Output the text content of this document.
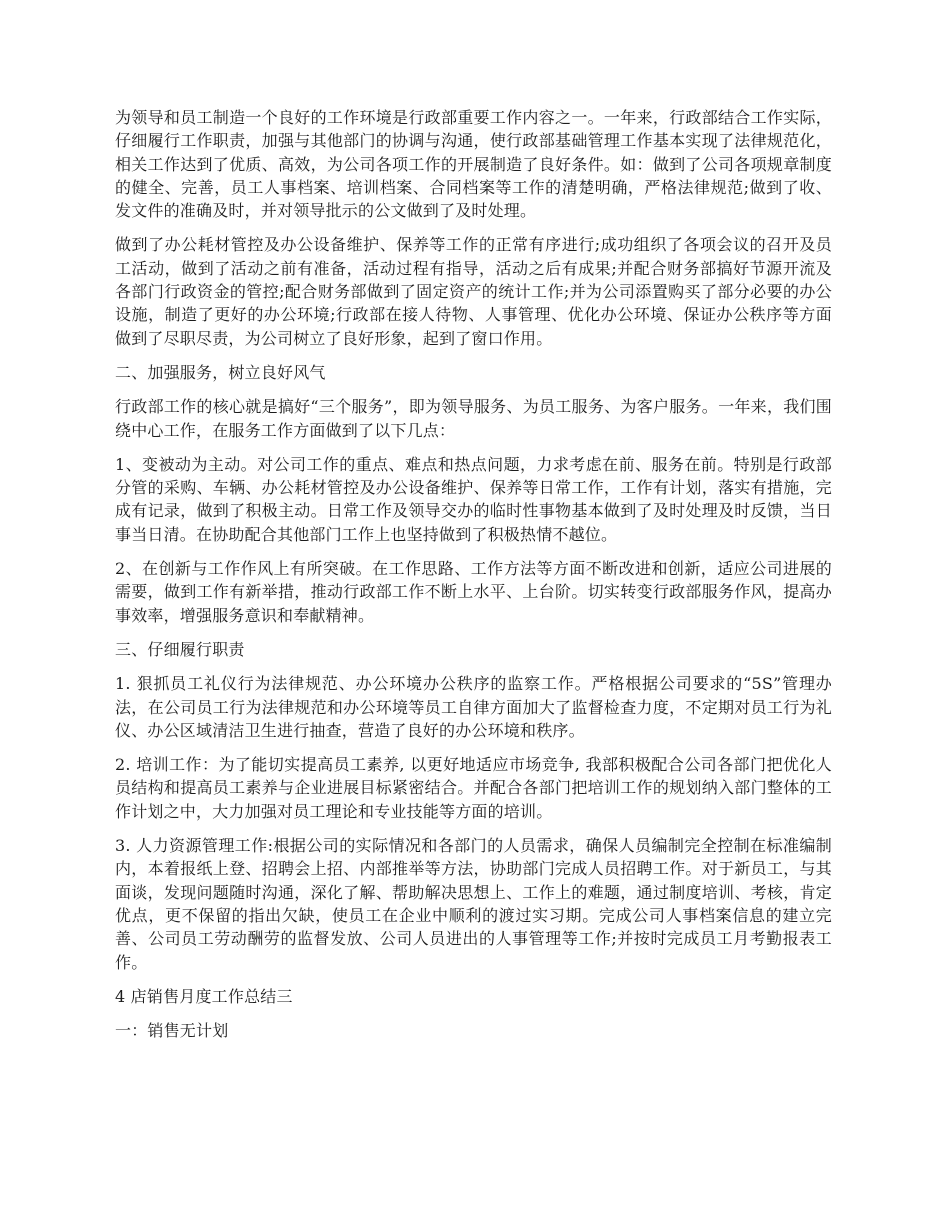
为领导和员工制造一个良好的工作环境是行政部重要工作内容之一。一年来，行政部结合工作实际，仔细履行工作职责，加强与其他部门的协调与沟通，使行政部基础管理工作基本实现了法律规范化，相关工作达到了优质、高效，为公司各项工作的开展制造了良好条件。如：做到了公司各项规章制度的健全、完善，员工人事档案、培训档案、合同档案等工作的清楚明确，严格法律规范;做到了收、发文件的准确及时，并对领导批示的公文做到了及时处理。

做到了办公耗材管控及办公设备维护、保养等工作的正常有序进行;成功组织了各项会议的召开及员工活动，做到了活动之前有准备，活动过程有指导，活动之后有成果;并配合财务部搞好节源开流及各部门行政资金的管控;配合财务部做到了固定资产的统计工作;并为公司添置购买了部分必要的办公设施，制造了更好的办公环境;行政部在接人待物、人事管理、优化办公环境、保证办公秩序等方面做到了尽职尽责，为公司树立了良好形象，起到了窗口作用。

二、加强服务，树立良好风气

行政部工作的核心就是搞好“三个服务”，即为领导服务、为员工服务、为客户服务。一年来，我们围绕中心工作，在服务工作方面做到了以下几点：

1、变被动为主动。对公司工作的重点、难点和热点问题，力求考虑在前、服务在前。特别是行政部分管的采购、车辆、办公耗材管控及办公设备维护、保养等日常工作，工作有计划，落实有措施，完成有记录，做到了积极主动。日常工作及领导交办的临时性事物基本做到了及时处理及时反馈，当日事当日清。在协助配合其他部门工作上也坚持做到了积极热情不越位。

2、在创新与工作作风上有所突破。在工作思路、工作方法等方面不断改进和创新，适应公司进展的需要，做到工作有新举措，推动行政部工作不断上水平、上台阶。切实转变行政部服务作风，提高办事效率，增强服务意识和奉献精神。

三、仔细履行职责

1. 狠抓员工礼仪行为法律规范、办公环境办公秩序的监察工作。严格根据公司要求的“5S”管理办法，在公司员工行为法律规范和办公环境等员工自律方面加大了监督检查力度，不定期对员工行为礼仪、办公区域清洁卫生进行抽查，营造了良好的办公环境和秩序。

2. 培训工作：为了能切实提高员工素养, 以更好地适应市场竞争, 我部积极配合公司各部门把优化人员结构和提高员工素养与企业进展目标紧密结合。并配合各部门把培训工作的规划纳入部门整体的工作计划之中，大力加强对员工理论和专业技能等方面的培训。

3. 人力资源管理工作:根据公司的实际情况和各部门的人员需求，确保人员编制完全控制在标准编制内，本着报纸上登、招聘会上招、内部推举等方法，协助部门完成人员招聘工作。对于新员工，与其面谈，发现问题随时沟通，深化了解、帮助解决思想上、工作上的难题，通过制度培训、考核，肯定优点，更不保留的指出欠缺，使员工在企业中顺利的渡过实习期。完成公司人事档案信息的建立完善、公司员工劳动酬劳的监督发放、公司人员进出的人事管理等工作;并按时完成员工月考勤报表工作。

4 店销售月度工作总结三

一：销售无计划
